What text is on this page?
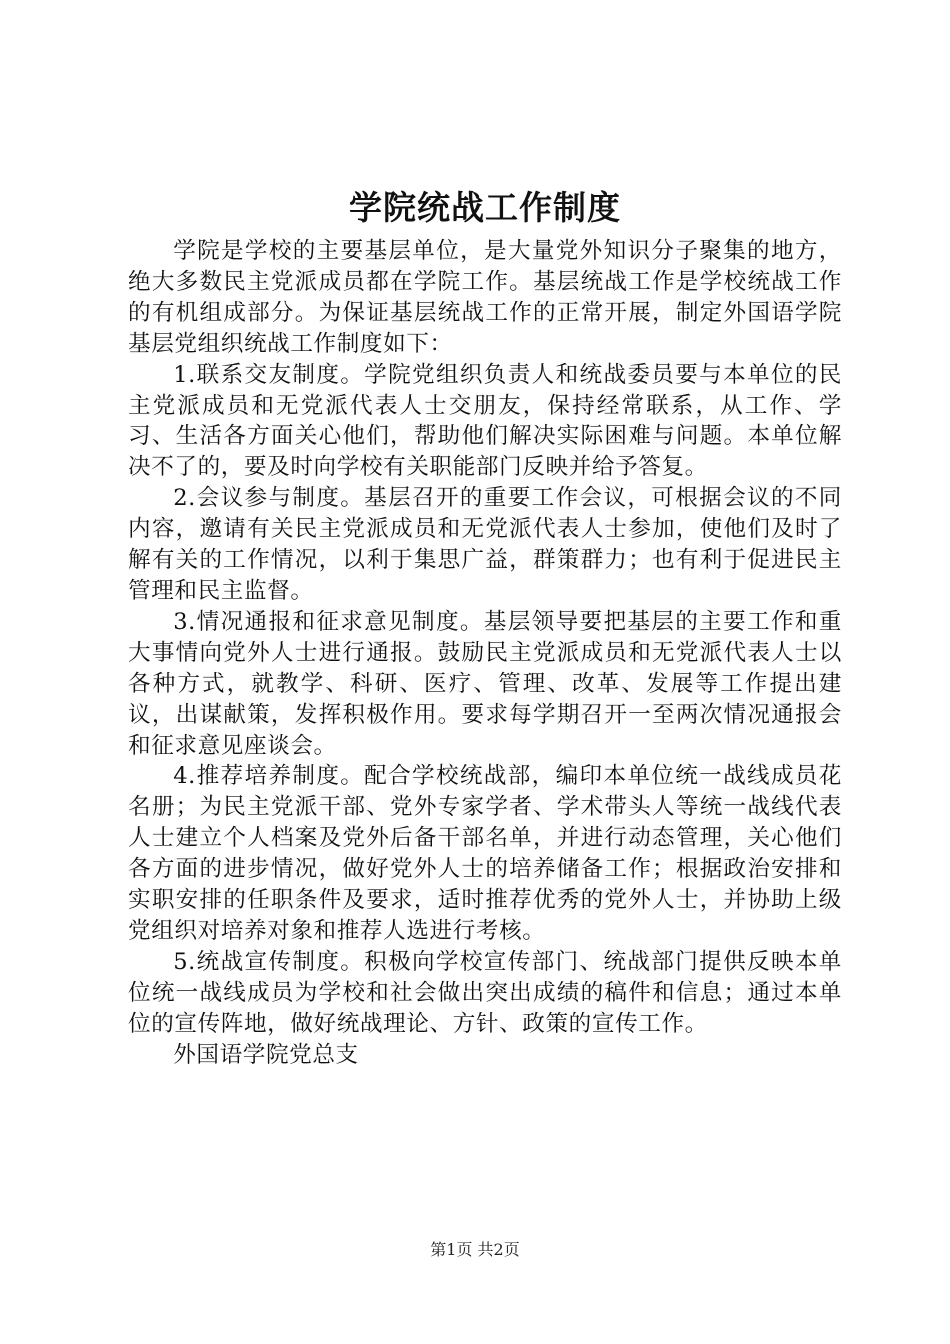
学院统战工作制度

学院是学校的主要基层单位，是大量党外知识分子聚集的地方，绝大多数民主党派成员都在学院工作。基层统战工作是学校统战工作的有机组成部分。为保证基层统战工作的正常开展，制定外国语学院基层党组织统战工作制度如下：

1.联系交友制度。学院党组织负责人和统战委员要与本单位的民主党派成员和无党派代表人士交朋友，保持经常联系，从工作、学习、生活各方面关心他们，帮助他们解决实际困难与问题。本单位解决不了的，要及时向学校有关职能部门反映并给予答复。

2.会议参与制度。基层召开的重要工作会议，可根据会议的不同内容，邀请有关民主党派成员和无党派代表人士参加，使他们及时了解有关的工作情况，以利于集思广益，群策群力；也有利于促进民主管理和民主监督。

3.情况通报和征求意见制度。基层领导要把基层的主要工作和重大事情向党外人士进行通报。鼓励民主党派成员和无党派代表人士以各种方式，就教学、科研、医疗、管理、改革、发展等工作提出建议，出谋献策，发挥积极作用。要求每学期召开一至两次情况通报会和征求意见座谈会。

4.推荐培养制度。配合学校统战部，编印本单位统一战线成员花名册；为民主党派干部、党外专家学者、学术带头人等统一战线代表人士建立个人档案及党外后备干部名单，并进行动态管理，关心他们各方面的进步情况，做好党外人士的培养储备工作；根据政治安排和实职安排的任职条件及要求，适时推荐优秀的党外人士，并协助上级党组织对培养对象和推荐人选进行考核。

5.统战宣传制度。积极向学校宣传部门、统战部门提供反映本单位统一战线成员为学校和社会做出突出成绩的稿件和信息；通过本单位的宣传阵地，做好统战理论、方针、政策的宣传工作。

外国语学院党总支

第1页 共2页
